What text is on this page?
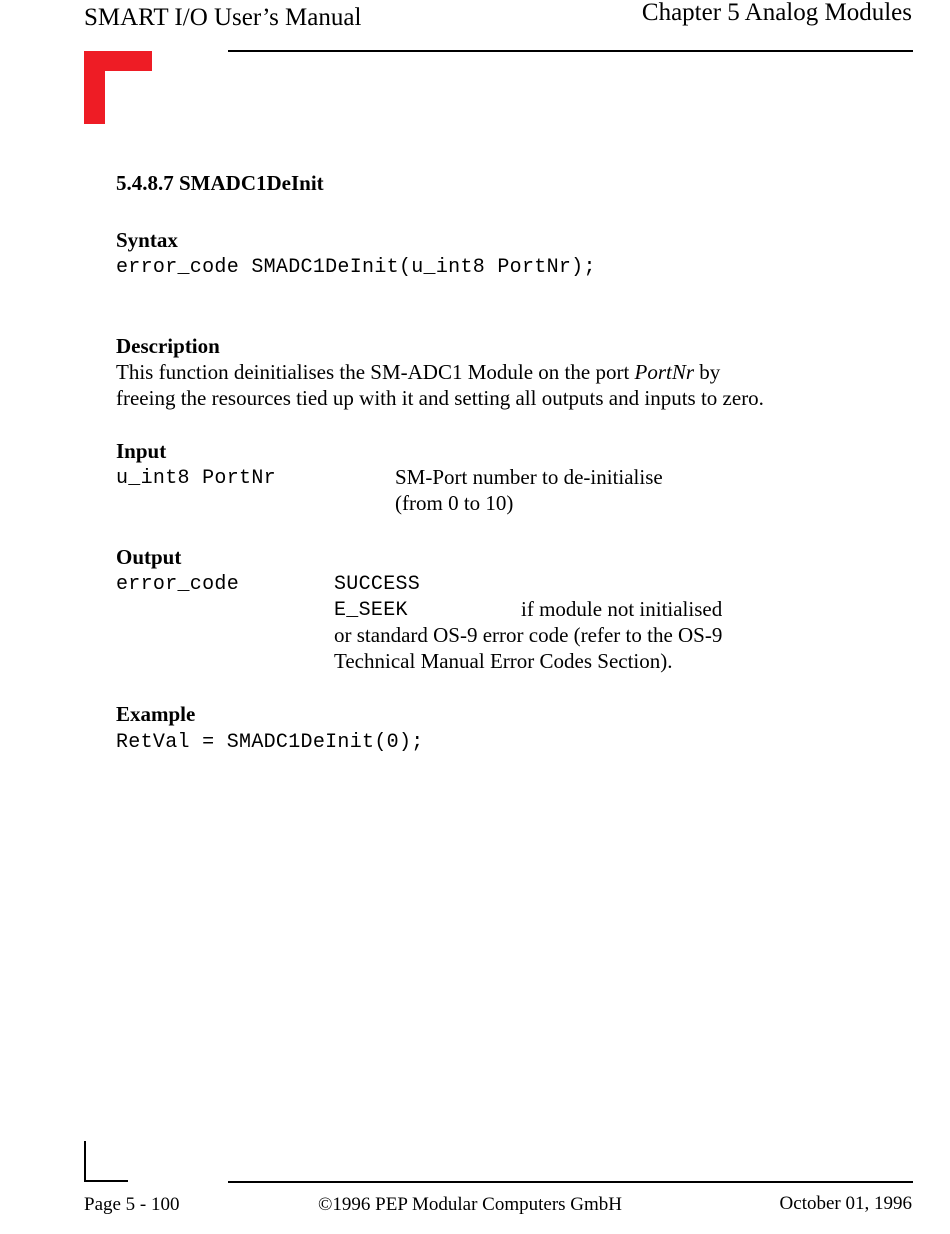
SMART I/O User’s Manual	Chapter 5 Analog Modules
5.4.8.7 SMADC1DeInit
Syntax
error_code SMADC1DeInit(u_int8 PortNr);
Description
This function deinitialises the SM-ADC1 Module on the port PortNr by
freeing the resources tied up with it and setting all outputs and inputs to zero.
Input
u_int8 PortNr	SM-Port number to de-initialise
(from 0 to 10)
Output
error_code	SUCCESS
E_SEEK	if module not initialised
or standard OS-9 error code (refer to the OS-9
Technical Manual Error Codes Section).
Example
RetVal = SMADC1DeInit(0);
Page 5 - 100	©1996 PEP Modular Computers GmbH	October 01, 1996
